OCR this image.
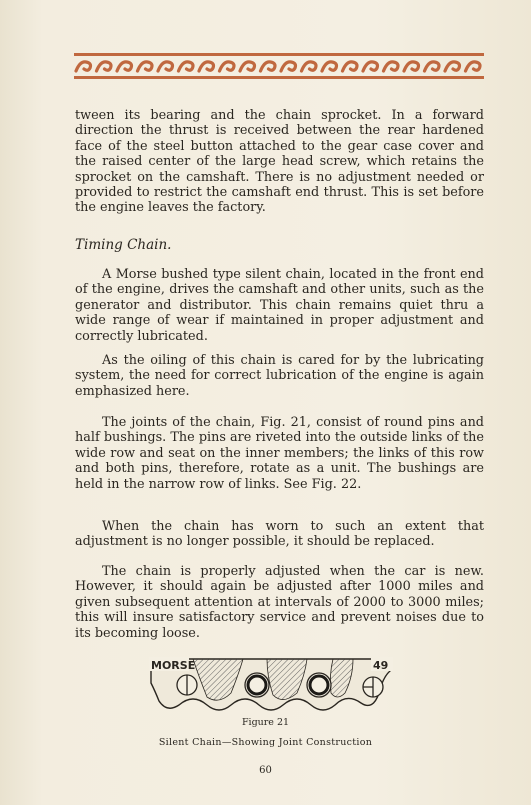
tween its bearing and the chain sprocket. In a forward direction the thrust is received between the rear hardened face of the steel button attached to the gear case cover and the raised center of the large head screw, which retains the sprocket on the camshaft. There is no adjustment needed or provided to restrict the camshaft end thrust. This is set before the engine leaves the factory.

Timing Chain.

A Morse bushed type silent chain, located in the front end of the engine, drives the camshaft and other units, such as the generator and distributor. This chain remains quiet thru a wide range of wear if maintained in proper adjustment and correctly lubricated.

As the oiling of this chain is cared for by the lubricating system, the need for correct lubrication of the engine is again emphasized here.

The joints of the chain, Fig. 21, consist of round pins and half bushings. The pins are riveted into the outside links of the wide row and seat on the inner members; the links of this row and both pins, therefore, rotate as a unit. The bushings are held in the narrow row of links. See Fig. 22.

When the chain has worn to such an extent that adjustment is no longer possible, it should be replaced.

The chain is properly adjusted when the car is new. However, it should again be adjusted after 1000 miles and given subsequent attention at intervals of 2000 to 3000 miles; this will insure satisfactory service and prevent noises due to its becoming loose.

MORSE	49
Figure 21
Silent Chain—Showing Joint Construction
60
